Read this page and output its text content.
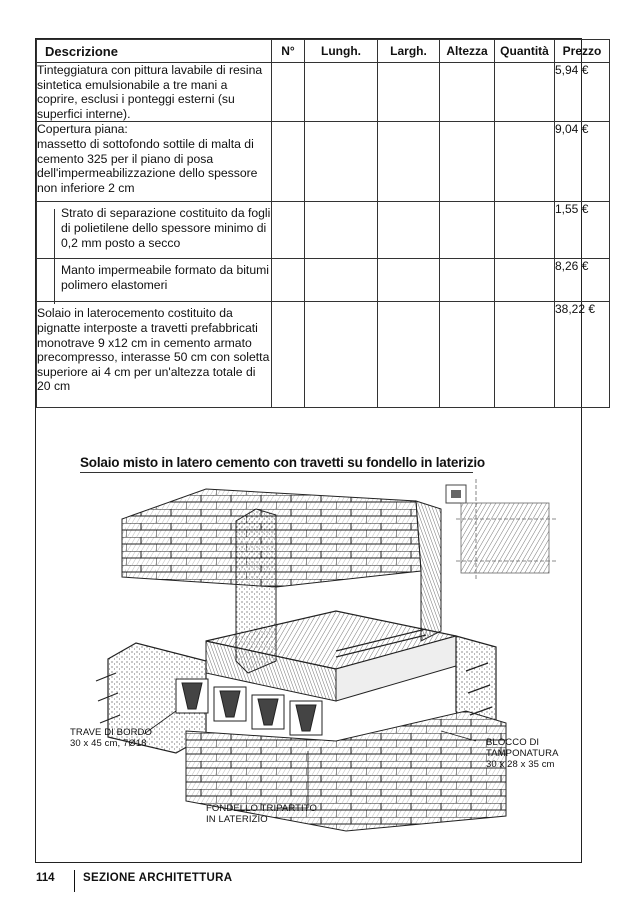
Descrizione	N°	Lungh.	Largh.	Altezza	Quantità	Prezzo
Tinteggiatura con pittura lavabile di resina sintetica emulsionabile a tre mani a coprire, esclusi i ponteggi esterni (su superfici interne).						5,94 €
Copertura piana:
massetto di sottofondo sottile di malta di cemento 325 per il piano di posa dell'impermeabilizzazione dello spessore non inferiore 2 cm						9,04 €
Strato di separazione costituito da fogli di polietilene dello spessore minimo di 0,2 mm posto a secco						1,55 €
Manto impermeabile formato da bitumi polimero elastomeri						8,26 €
Solaio in laterocemento costituito da pignatte interposte a travetti prefabbricati monotrave 9 x12 cm in cemento armato precompresso, interasse 50 cm con soletta superiore ai 4 cm per un'altezza totale di 20 cm						38,22 €
Solaio misto in latero cemento con travetti su fondello in laterizio
TRAVE DI BORDO
30 x 45 cm, 7Ø18	BLOCCO DI
TAMPONATURA
30 x 28 x 35 cm
FONDELLO TRIPARTITO
IN LATERIZIO
114 SEZIONE ARCHITETTURA
